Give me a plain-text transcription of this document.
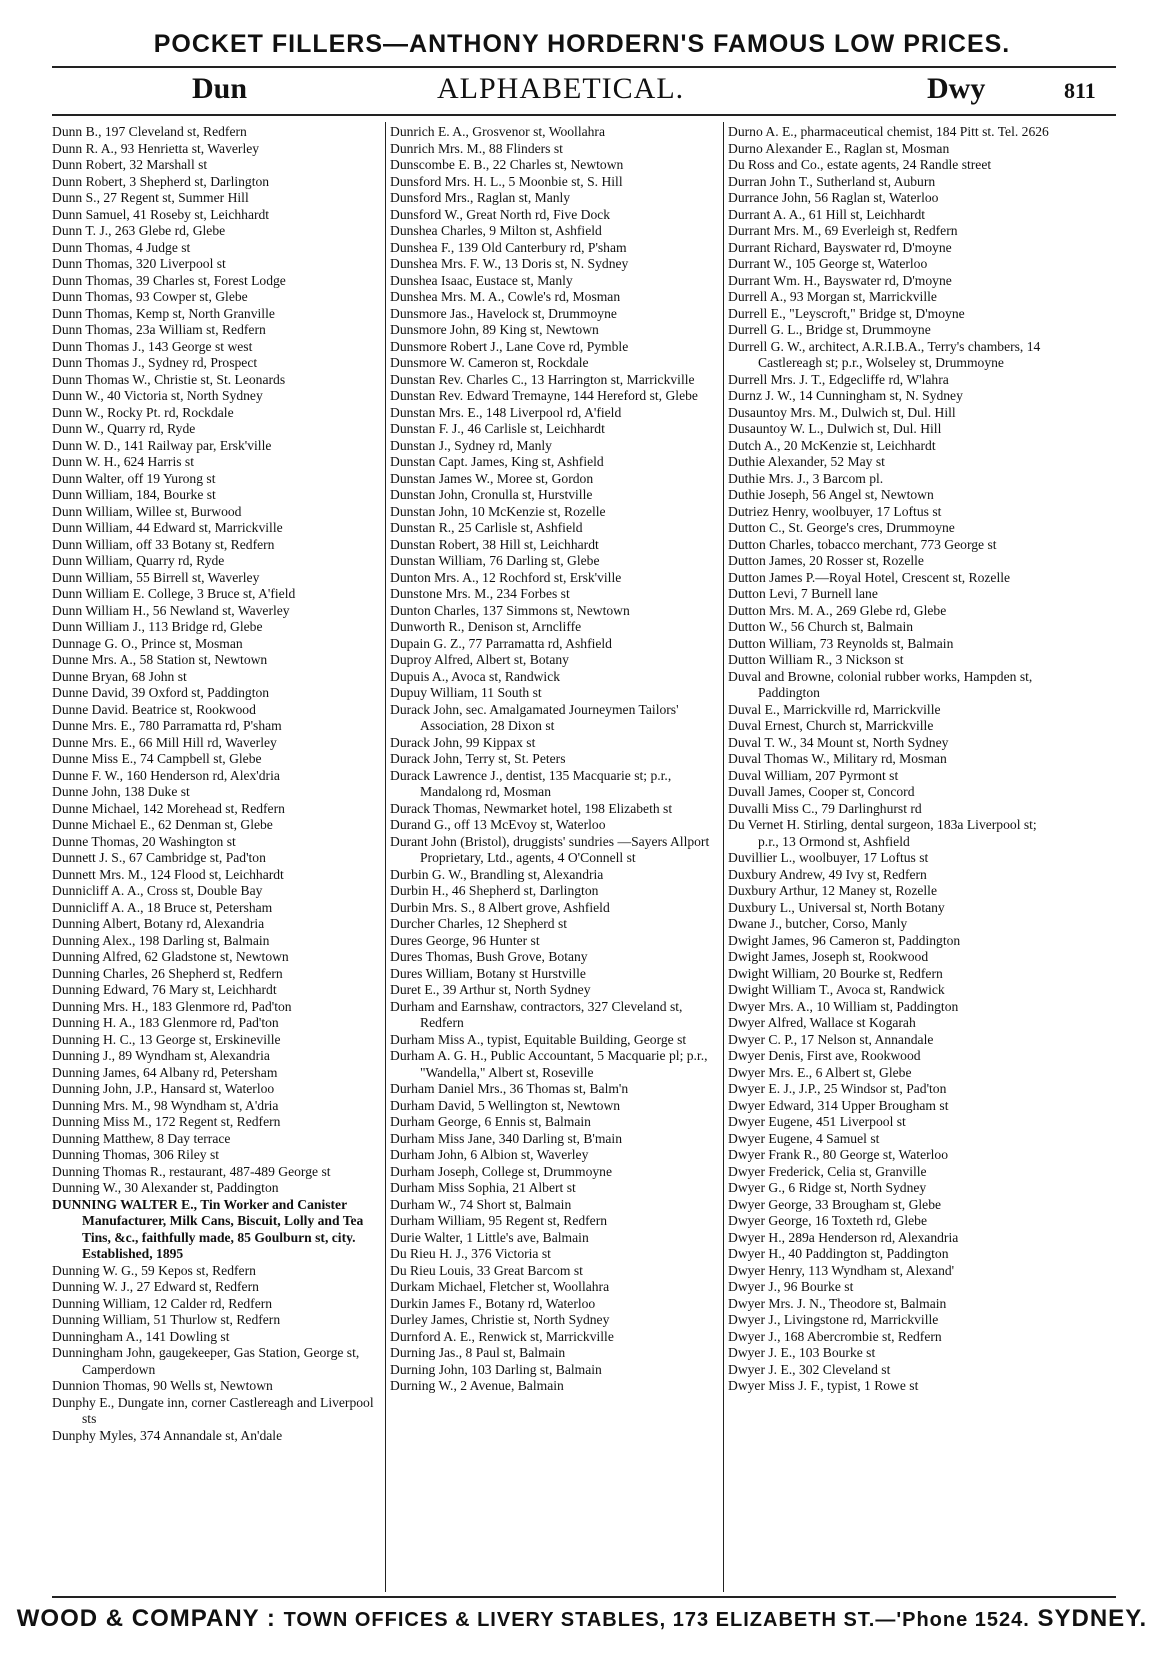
POCKET FILLERS—ANTHONY HORDERN'S FAMOUS LOW PRICES.
Dun	ALPHABETICAL.	Dwy	811

Dunn B., 197 Cleveland st, Redfern

Dunn R. A., 93 Henrietta st, Waverley

Dunn Robert, 32 Marshall st

Dunn Robert, 3 Shepherd st, Darlington

Dunn S., 27 Regent st, Summer Hill

Dunn Samuel, 41 Roseby st, Leichhardt

Dunn T. J., 263 Glebe rd, Glebe

Dunn Thomas, 4 Judge st

Dunn Thomas, 320 Liverpool st

Dunn Thomas, 39 Charles st, Forest Lodge

Dunn Thomas, 93 Cowper st, Glebe

Dunn Thomas, Kemp st, North Granville

Dunn Thomas, 23a William st, Redfern

Dunn Thomas J., 143 George st west

Dunn Thomas J., Sydney rd, Prospect

Dunn Thomas W., Christie st, St. Leonards

Dunn W., 40 Victoria st, North Sydney

Dunn W., Rocky Pt. rd, Rockdale

Dunn W., Quarry rd, Ryde

Dunn W. D., 141 Railway par, Ersk'ville

Dunn W. H., 624 Harris st

Dunn Walter, off 19 Yurong st

Dunn William, 184, Bourke st

Dunn William, Willee st, Burwood

Dunn William, 44 Edward st, Marrickville

Dunn William, off 33 Botany st, Redfern

Dunn William, Quarry rd, Ryde

Dunn William, 55 Birrell st, Waverley

Dunn William E. College, 3 Bruce st, A'field

Dunn William H., 56 Newland st, Waverley

Dunn William J., 113 Bridge rd, Glebe

Dunnage G. O., Prince st, Mosman

Dunne Mrs. A., 58 Station st, Newtown

Dunne Bryan, 68 John st

Dunne David, 39 Oxford st, Paddington

Dunne David. Beatrice st, Rookwood

Dunne Mrs. E., 780 Parramatta rd, P'sham

Dunne Mrs. E., 66 Mill Hill rd, Waverley

Dunne Miss E., 74 Campbell st, Glebe

Dunne F. W., 160 Henderson rd, Alex'dria

Dunne John, 138 Duke st

Dunne Michael, 142 Morehead st, Redfern

Dunne Michael E., 62 Denman st, Glebe

Dunne Thomas, 20 Washington st

Dunnett J. S., 67 Cambridge st, Pad'ton

Dunnett Mrs. M., 124 Flood st, Leichhardt

Dunnicliff A. A., Cross st, Double Bay

Dunnicliff A. A., 18 Bruce st, Petersham

Dunning Albert, Botany rd, Alexandria

Dunning Alex., 198 Darling st, Balmain

Dunning Alfred, 62 Gladstone st, Newtown

Dunning Charles, 26 Shepherd st, Redfern

Dunning Edward, 76 Mary st, Leichhardt

Dunning Mrs. H., 183 Glenmore rd, Pad'ton

Dunning H. A., 183 Glenmore rd, Pad'ton

Dunning H. C., 13 George st, Erskineville

Dunning J., 89 Wyndham st, Alexandria

Dunning James, 64 Albany rd, Petersham

Dunning John, J.P., Hansard st, Waterloo

Dunning Mrs. M., 98 Wyndham st, A'dria

Dunning Miss M., 172 Regent st, Redfern

Dunning Matthew, 8 Day terrace

Dunning Thomas, 306 Riley st

Dunning Thomas R., restaurant, 487-489 George st

Dunning W., 30 Alexander st, Paddington

DUNNING WALTER E., Tin Worker and Canister Manufacturer, Milk Cans, Biscuit, Lolly and Tea Tins, &c., faithfully made, 85 Goulburn st, city. Established, 1895

Dunning W. G., 59 Kepos st, Redfern

Dunning W. J., 27 Edward st, Redfern

Dunning William, 12 Calder rd, Redfern

Dunning William, 51 Thurlow st, Redfern

Dunningham A., 141 Dowling st

Dunningham John, gaugekeeper, Gas Station, George st, Camperdown

Dunnion Thomas, 90 Wells st, Newtown

Dunphy E., Dungate inn, corner Castlereagh and Liverpool sts

Dunphy Myles, 374 Annandale st, An'dale

Dunrich E. A., Grosvenor st, Woollahra

Dunrich Mrs. M., 88 Flinders st

Dunscombe E. B., 22 Charles st, Newtown

Dunsford Mrs. H. L., 5 Moonbie st, S. Hill

Dunsford Mrs., Raglan st, Manly

Dunsford W., Great North rd, Five Dock

Dunshea Charles, 9 Milton st, Ashfield

Dunshea F., 139 Old Canterbury rd, P'sham

Dunshea Mrs. F. W., 13 Doris st, N. Sydney

Dunshea Isaac, Eustace st, Manly

Dunshea Mrs. M. A., Cowle's rd, Mosman

Dunsmore Jas., Havelock st, Drummoyne

Dunsmore John, 89 King st, Newtown

Dunsmore Robert J., Lane Cove rd, Pymble

Dunsmore W. Cameron st, Rockdale

Dunstan Rev. Charles C., 13 Harrington st, Marrickville

Dunstan Rev. Edward Tremayne, 144 Hereford st, Glebe

Dunstan Mrs. E., 148 Liverpool rd, A'field

Dunstan F. J., 46 Carlisle st, Leichhardt

Dunstan J., Sydney rd, Manly

Dunstan Capt. James, King st, Ashfield

Dunstan James W., Moree st, Gordon

Dunstan John, Cronulla st, Hurstville

Dunstan John, 10 McKenzie st, Rozelle

Dunstan R., 25 Carlisle st, Ashfield

Dunstan Robert, 38 Hill st, Leichhardt

Dunstan William, 76 Darling st, Glebe

Dunton Mrs. A., 12 Rochford st, Ersk'ville

Dunstone Mrs. M., 234 Forbes st

Dunton Charles, 137 Simmons st, Newtown

Dunworth R., Denison st, Arncliffe

Dupain G. Z., 77 Parramatta rd, Ashfield

Duproy Alfred, Albert st, Botany

Dupuis A., Avoca st, Randwick

Dupuy William, 11 South st

Durack John, sec. Amalgamated Journeymen Tailors' Association, 28 Dixon st

Durack John, 99 Kippax st

Durack John, Terry st, St. Peters

Durack Lawrence J., dentist, 135 Macquarie st; p.r., Mandalong rd, Mosman

Durack Thomas, Newmarket hotel, 198 Elizabeth st

Durand G., off 13 McEvoy st, Waterloo

Durant John (Bristol), druggists' sundries —Sayers Allport Proprietary, Ltd., agents, 4 O'Connell st

Durbin G. W., Brandling st, Alexandria

Durbin H., 46 Shepherd st, Darlington

Durbin Mrs. S., 8 Albert grove, Ashfield

Durcher Charles, 12 Shepherd st

Dures George, 96 Hunter st

Dures Thomas, Bush Grove, Botany

Dures William, Botany st Hurstville

Duret E., 39 Arthur st, North Sydney

Durham and Earnshaw, contractors, 327 Cleveland st, Redfern

Durham Miss A., typist, Equitable Building, George st

Durham A. G. H., Public Accountant, 5 Macquarie pl; p.r., "Wandella," Albert st, Roseville

Durham Daniel Mrs., 36 Thomas st, Balm'n

Durham David, 5 Wellington st, Newtown

Durham George, 6 Ennis st, Balmain

Durham Miss Jane, 340 Darling st, B'main

Durham John, 6 Albion st, Waverley

Durham Joseph, College st, Drummoyne

Durham Miss Sophia, 21 Albert st

Durham W., 74 Short st, Balmain

Durham William, 95 Regent st, Redfern

Durie Walter, 1 Little's ave, Balmain

Du Rieu H. J., 376 Victoria st

Du Rieu Louis, 33 Great Barcom st

Durkam Michael, Fletcher st, Woollahra

Durkin James F., Botany rd, Waterloo

Durley James, Christie st, North Sydney

Durnford A. E., Renwick st, Marrickville

Durning Jas., 8 Paul st, Balmain

Durning John, 103 Darling st, Balmain

Durning W., 2 Avenue, Balmain

Durno A. E., pharmaceutical chemist, 184 Pitt st. Tel. 2626

Durno Alexander E., Raglan st, Mosman

Du Ross and Co., estate agents, 24 Randle street

Durran John T., Sutherland st, Auburn

Durrance John, 56 Raglan st, Waterloo

Durrant A. A., 61 Hill st, Leichhardt

Durrant Mrs. M., 69 Everleigh st, Redfern

Durrant Richard, Bayswater rd, D'moyne

Durrant W., 105 George st, Waterloo

Durrant Wm. H., Bayswater rd, D'moyne

Durrell A., 93 Morgan st, Marrickville

Durrell E., "Leyscroft," Bridge st, D'moyne

Durrell G. L., Bridge st, Drummoyne

Durrell G. W., architect, A.R.I.B.A., Terry's chambers, 14 Castlereagh st; p.r., Wolseley st, Drummoyne

Durrell Mrs. J. T., Edgecliffe rd, W'lahra

Durnz J. W., 14 Cunningham st, N. Sydney

Dusauntoy Mrs. M., Dulwich st, Dul. Hill

Dusauntoy W. L., Dulwich st, Dul. Hill

Dutch A., 20 McKenzie st, Leichhardt

Duthie Alexander, 52 May st

Duthie Mrs. J., 3 Barcom pl.

Duthie Joseph, 56 Angel st, Newtown

Dutriez Henry, woolbuyer, 17 Loftus st

Dutton C., St. George's cres, Drummoyne

Dutton Charles, tobacco merchant, 773 George st

Dutton James, 20 Rosser st, Rozelle

Dutton James P.—Royal Hotel, Crescent st, Rozelle

Dutton Levi, 7 Burnell lane

Dutton Mrs. M. A., 269 Glebe rd, Glebe

Dutton W., 56 Church st, Balmain

Dutton William, 73 Reynolds st, Balmain

Dutton William R., 3 Nickson st

Duval and Browne, colonial rubber works, Hampden st, Paddington

Duval E., Marrickville rd, Marrickville

Duval Ernest, Church st, Marrickville

Duval T. W., 34 Mount st, North Sydney

Duval Thomas W., Military rd, Mosman

Duval William, 207 Pyrmont st

Duvall James, Cooper st, Concord

Duvalli Miss C., 79 Darlinghurst rd

Du Vernet H. Stirling, dental surgeon, 183a Liverpool st; p.r., 13 Ormond st, Ashfield

Duvillier L., woolbuyer, 17 Loftus st

Duxbury Andrew, 49 Ivy st, Redfern

Duxbury Arthur, 12 Maney st, Rozelle

Duxbury L., Universal st, North Botany

Dwane J., butcher, Corso, Manly

Dwight James, 96 Cameron st, Paddington

Dwight James, Joseph st, Rookwood

Dwight William, 20 Bourke st, Redfern

Dwight William T., Avoca st, Randwick

Dwyer Mrs. A., 10 William st, Paddington

Dwyer Alfred, Wallace st Kogarah

Dwyer C. P., 17 Nelson st, Annandale

Dwyer Denis, First ave, Rookwood

Dwyer Mrs. E., 6 Albert st, Glebe

Dwyer E. J., J.P., 25 Windsor st, Pad'ton

Dwyer Edward, 314 Upper Brougham st

Dwyer Eugene, 451 Liverpool st

Dwyer Eugene, 4 Samuel st

Dwyer Frank R., 80 George st, Waterloo

Dwyer Frederick, Celia st, Granville

Dwyer G., 6 Ridge st, North Sydney

Dwyer George, 33 Brougham st, Glebe

Dwyer George, 16 Toxteth rd, Glebe

Dwyer H., 289a Henderson rd, Alexandria

Dwyer H., 40 Paddington st, Paddington

Dwyer Henry, 113 Wyndham st, Alexand'

Dwyer J., 96 Bourke st

Dwyer Mrs. J. N., Theodore st, Balmain

Dwyer J., Livingstone rd, Marrickville

Dwyer J., 168 Abercrombie st, Redfern

Dwyer J. E., 103 Bourke st

Dwyer J. E., 302 Cleveland st

Dwyer Miss J. F., typist, 1 Rowe st

WOOD & COMPANY : TOWN OFFICES & LIVERY STABLES, 173 ELIZABETH ST.—'Phone 1524. SYDNEY.
